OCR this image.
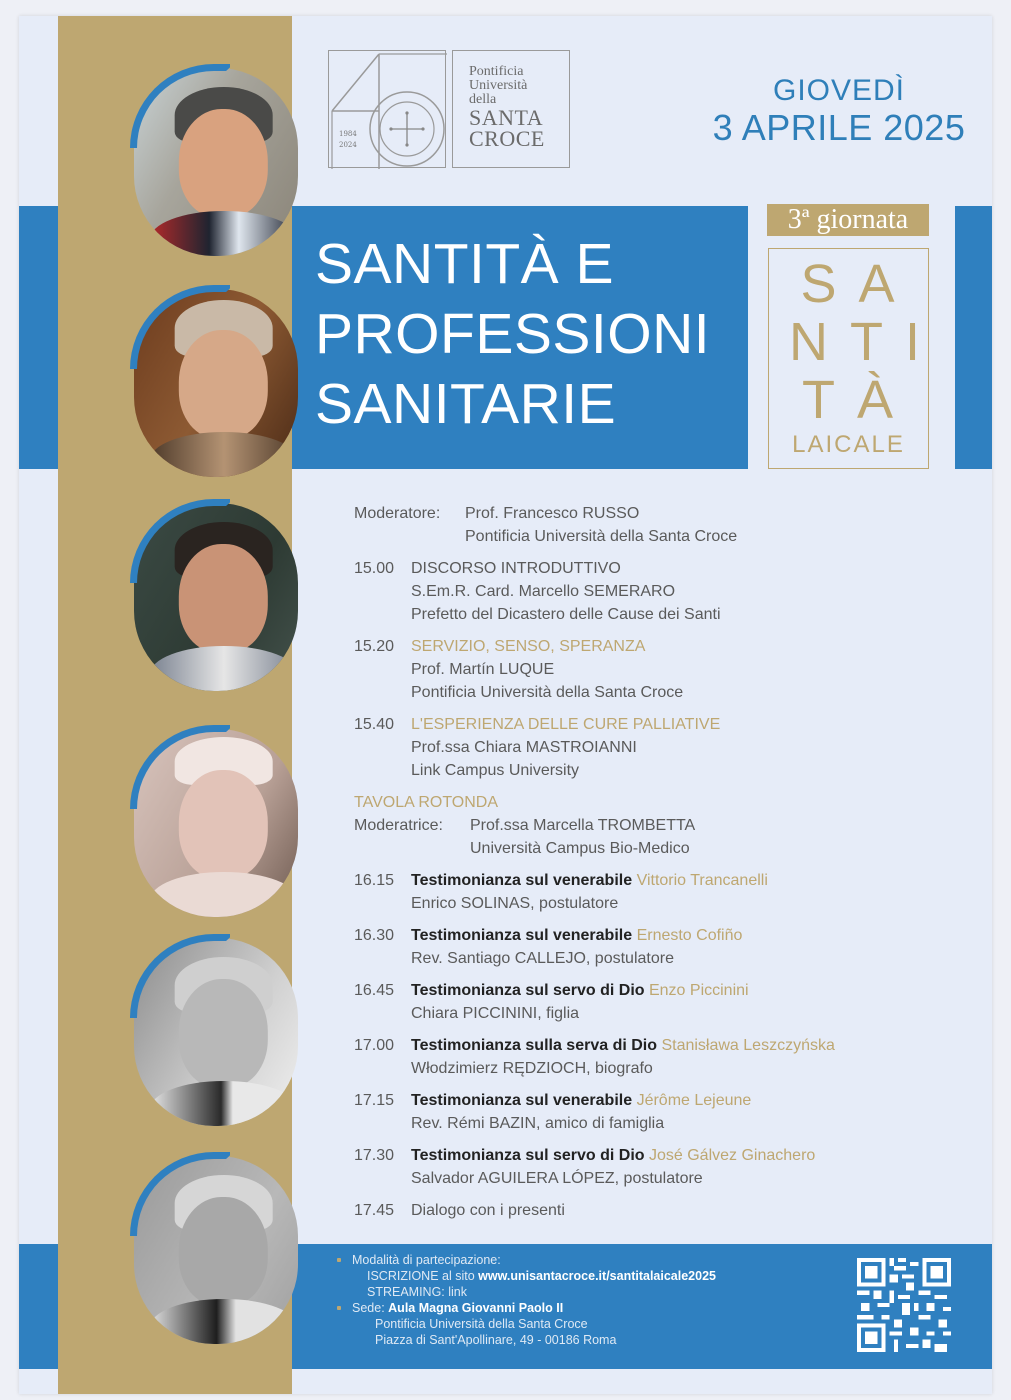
1984
2024
Pontificia
Università
della
SANTA
CROCE
GIOVEDÌ
3 APRILE 2025
SANTITÀ E
PROFESSIONI
SANITARIE
3ª giornata
SA
NTI
TÀ
LAICALE
Moderatore: Prof. Francesco RUSSO
Pontificia Università della Santa Croce
15.00	DISCORSO INTRODUTTIVO
S.Em.R. Card. Marcello SEMERARO
Prefetto del Dicastero delle Cause dei Santi
15.20	SERVIZIO, SENSO, SPERANZA
Prof. Martín LUQUE
Pontificia Università della Santa Croce
15.40	L'ESPERIENZA DELLE CURE PALLIATIVE
Prof.ssa Chiara MASTROIANNI
Link Campus University
TAVOLA ROTONDA
Moderatrice: Prof.ssa Marcella TROMBETTA
Università Campus Bio-Medico
16.15	Testimonianza sul venerabile Vittorio Trancanelli
Enrico SOLINAS, postulatore
16.30	Testimonianza sul venerabile Ernesto Cofiño
Rev. Santiago CALLEJO, postulatore
16.45	Testimonianza sul servo di Dio Enzo Piccinini
Chiara PICCININI, figlia
17.00	Testimonianza sulla serva di Dio Stanisława Leszczyńska
Włodzimierz RĘDZIOCH, biografo
17.15	Testimonianza sul venerabile Jérôme Lejeune
Rev. Rémi BAZIN, amico di famiglia
17.30	Testimonianza sul servo di Dio José Gálvez Ginachero
Salvador AGUILERA LÓPEZ, postulatore
17.45	Dialogo con i presenti
Modalità di partecipazione:
ISCRIZIONE al sito www.unisantacroce.it/santitalaicale2025
STREAMING: link
Sede: Aula Magna Giovanni Paolo II
Pontificia Università della Santa Croce
Piazza di Sant'Apollinare, 49 - 00186 Roma
